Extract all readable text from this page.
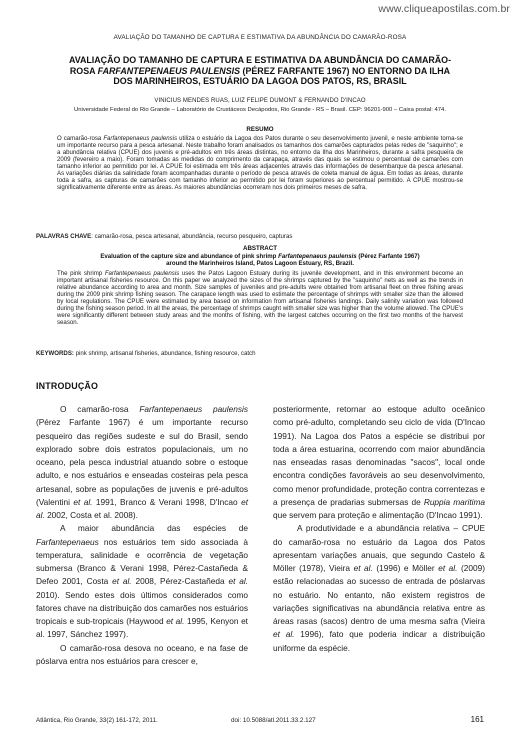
www.cliqueapostilas.com.br
AVALIAÇÃO DO TAMANHO DE CAPTURA E ESTIMATIVA DA ABUNDÂNCIA DO CAMARÃO-ROSA
AVALIAÇÃO DO TAMANHO DE CAPTURA E ESTIMATIVA DA ABUNDÂNCIA DO CAMARÃO-
ROSA FARFANTEPENAEUS PAULENSIS (PÉREZ FARFANTE 1967) NO ENTORNO DA ILHA
DOS MARINHEIROS, ESTUÁRIO DA LAGOA DOS PATOS, RS, BRASIL
VINICIUS MENDES RUAS, LUIZ FELIPE DUMONT & FERNANDO D'INCAO
Universidade Federal do Rio Grande – Laboratório de Crustáceos Decápodos, Rio Grande - RS – Brasil. CEP: 96201-900 – Caixa postal: 474.
RESUMO
O camarão-rosa Farfantepenaeus paulensis utiliza o estuário da Lagoa dos Patos durante o seu desenvolvimento juvenil, e neste ambiente torna-se um importante recurso para a pesca artesanal. Neste trabalho foram analisados os tamanhos dos camarões capturados pelas redes de "saquinho"; e a abundância relativa (CPUE) dos juvenis e pré-adultos em três áreas distintas, no entorno da Ilha dos Marinheiros, durante a safra pesqueira de 2009 (fevereiro a maio). Foram tomadas as medidas do comprimento da carapaça, através das quais se estimou o percentual de camarões com tamanho inferior ao permitido por lei. A CPUE foi estimada em três áreas adjacentes através das informações de desembarque da pesca artesanal. As variações diárias da salinidade foram acompanhadas durante o período de pesca através de coleta manual de água. Em todas as áreas, durante toda a safra, as capturas de camarões com tamanho inferior ao permitido por lei foram superiores ao percentual permitido. A CPUE mostrou-se significativamente diferente entre as áreas. As maiores abundâncias ocorreram nos dois primeiros meses de safra.
PALAVRAS CHAVE: camarão-rosa, pesca artesanal, abundância, recurso pesqueiro, capturas
ABSTRACT
Evaluation of the capture size and abundance of pink shrimp Farfantepenaeus paulensis (Pérez Farfante 1967)
around the Marinheiros Island, Patos Lagoon Estuary, RS, Brazil.
The pink shrimp Farfantepenaeus paulensis uses the Patos Lagoon Estuary during its juvenile development, and in this environment become an important artisanal fisheries resource. On this paper we analyzed the sizes of the shrimps captured by the "saquinho" nets as well as the trends in relative abundance according to area and month. Size samples of juveniles and pre-adults were obtained from artisanal fleet on three fishing areas during the 2009 pink shrimp fishing season. The carapace length was used to estimate the percentage of shrimps with smaller size than the allowed by local regulations. The CPUE were estimated by area based on information from artisanal fisheries landings. Daily salinity variation was followed during the fishing season period. In all the areas, the percentage of shrimps caught with smaller size was higher than the volume allowed. The CPUE's were significantly different between study areas and the months of fishing, with the largest catches occurring on the first two months of the harvest season.
KEYWORDS: pink shrimp, artisanal fisheries, abundance, fishing resource, catch
INTRODUÇÃO

O camarão-rosa Farfantepenaeus paulensis (Pérez Farfante 1967) é um importante recurso pesqueiro das regiões sudeste e sul do Brasil, sendo explorado sobre dois estratos populacionais, um no oceano, pela pesca industrial atuando sobre o estoque adulto, e nos estuários e enseadas costeiras pela pesca artesanal, sobre as populações de juvenis e pré-adultos (Valentini et al. 1991, Branco & Verani 1998, D'Incao et al. 2002, Costa et al. 2008).

A maior abundância das espécies de Farfantepenaeus nos estuários tem sido associada à temperatura, salinidade e ocorrência de vegetação submersa (Branco & Verani 1998, Pérez-Castañeda & Defeo 2001, Costa et al. 2008, Pérez-Castañeda et al. 2010). Sendo estes dois últimos considerados como fatores chave na distribuição dos camarões nos estuários tropicais e sub-tropicais (Haywood et al. 1995, Kenyon et al. 1997, Sánchez 1997).

O camarão-rosa desova no oceano, e na fase de póslarva entra nos estuários para crescer e,

posteriormente, retornar ao estoque adulto oceânico como pré-adulto, completando seu ciclo de vida (D'Incao 1991). Na Lagoa dos Patos a espécie se distribui por toda a área estuarina, ocorrendo com maior abundância nas enseadas rasas denominadas "sacos", local onde encontra condições favoráveis ao seu desenvolvimento, como menor profundidade, proteção contra correntezas e a presença de pradarias submersas de Ruppia maritima que servem para proteção e alimentação (D'Incao 1991).

A produtividade e a abundância relativa – CPUE do camarão-rosa no estuário da Lagoa dos Patos apresentam variações anuais, que segundo Castelo & Möller (1978), Vieira et al. (1996) e Möller et al. (2009) estão relacionadas ao sucesso de entrada de póslarvas no estuário. No entanto, não existem registros de variações significativas na abundância relativa entre as áreas rasas (sacos) dentro de uma mesma safra (Vieira et al. 1996), fato que poderia indicar a distribuição uniforme da espécie.

Atlântica, Rio Grande, 33(2) 161-172, 2011.	doi: 10.5088/atl.2011.33.2.127	161
